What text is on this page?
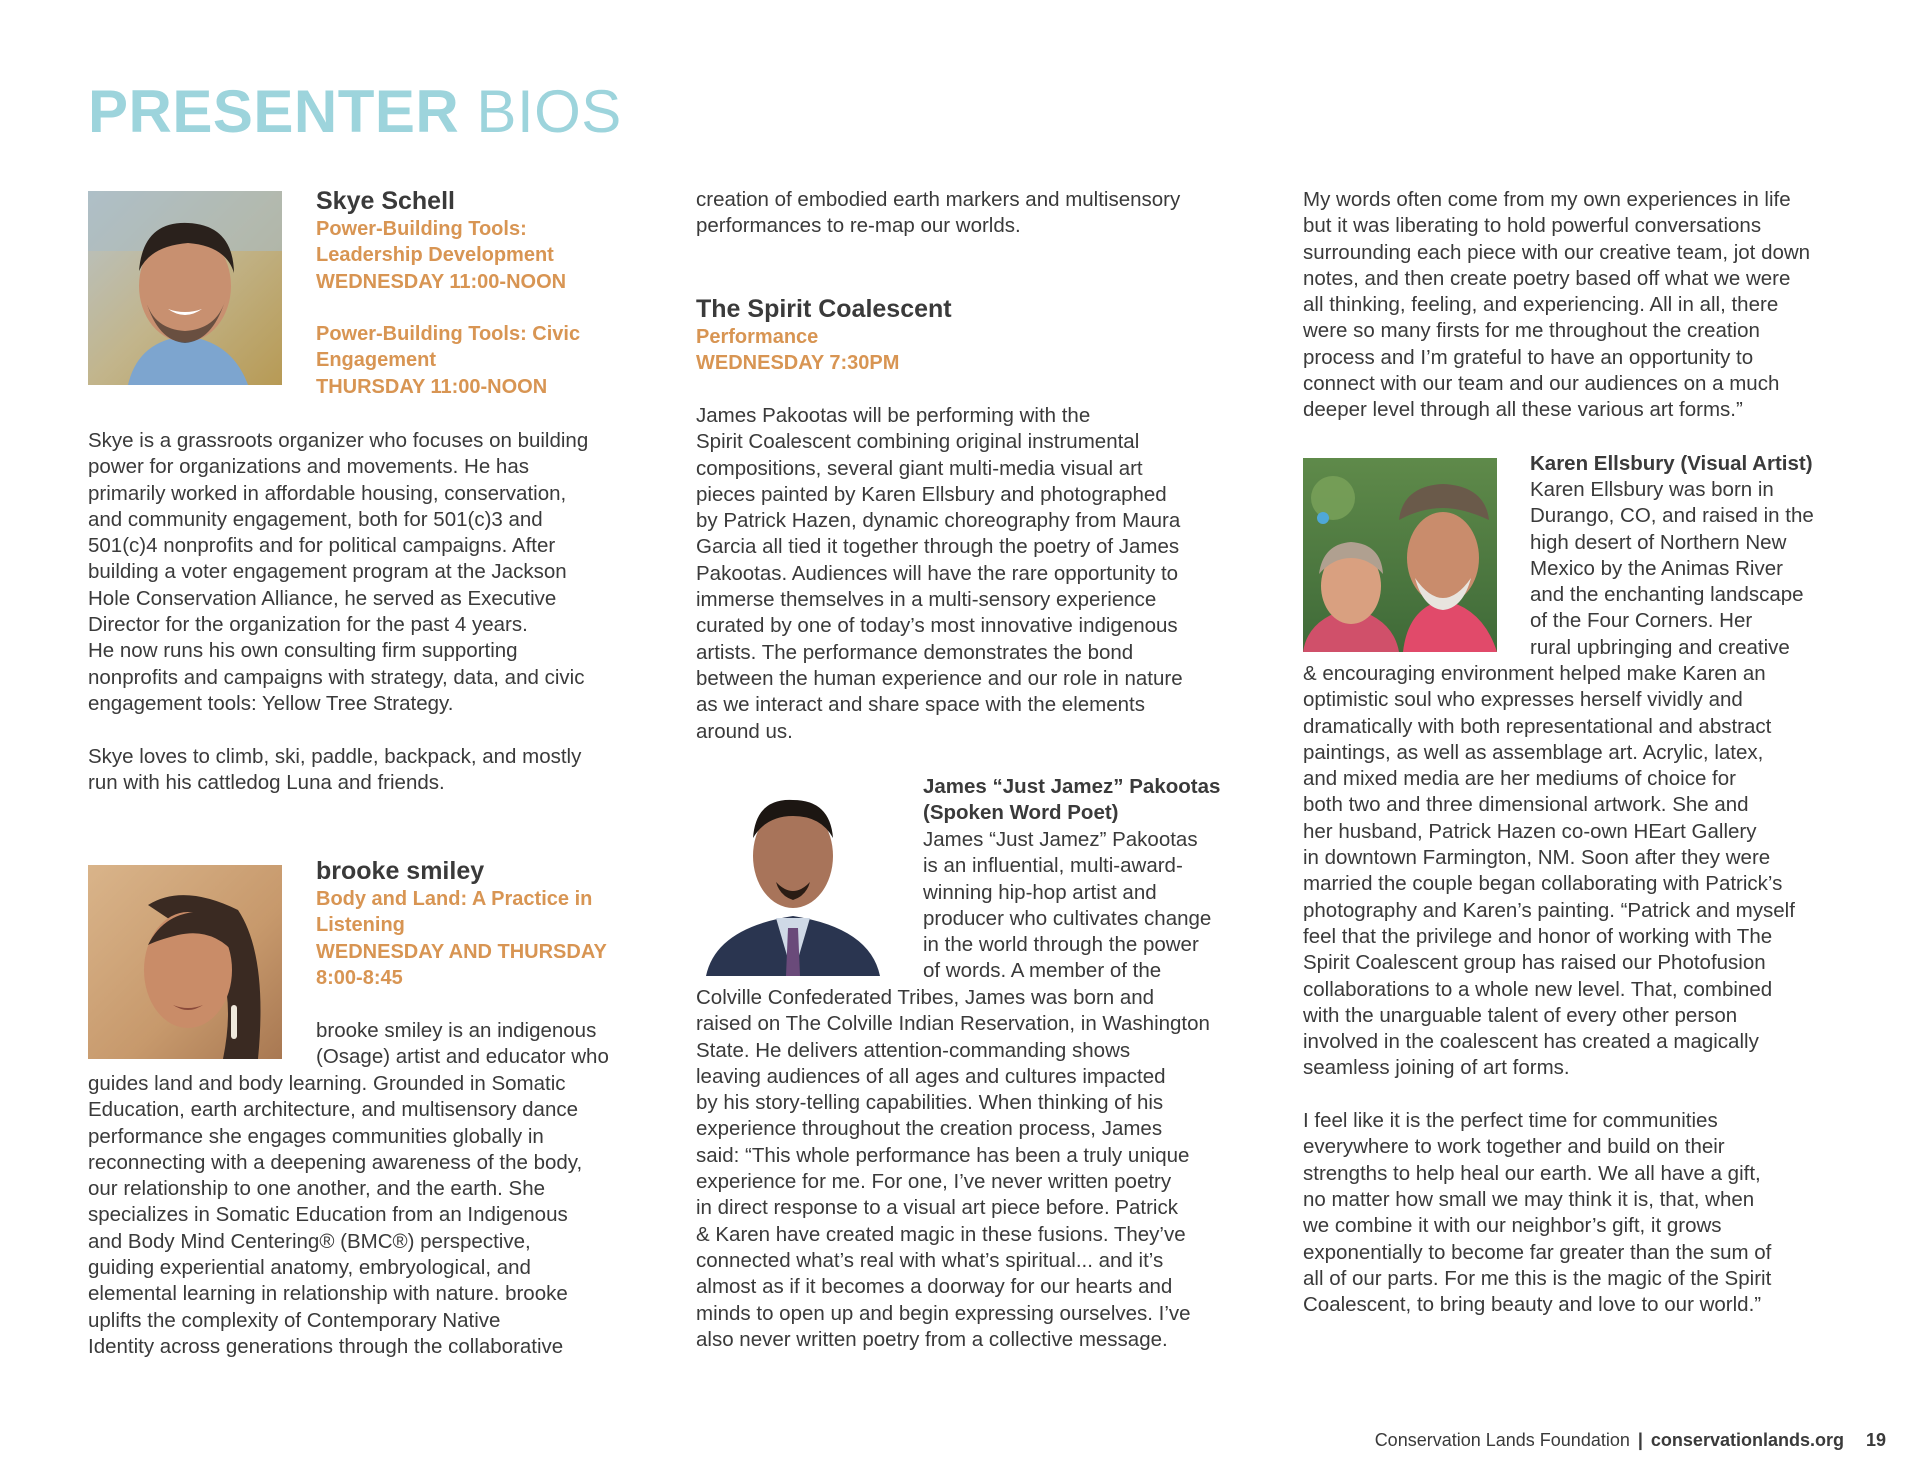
PRESENTER BIOS
Skye Schell
Power-Building Tools:
Leadership Development
WEDNESDAY 11:00-NOON
Power-Building Tools: Civic
Engagement
THURSDAY 11:00-NOON

Skye is a grassroots organizer who focuses on building

power for organizations and movements. He has

primarily worked in affordable housing, conservation,

and community engagement, both for 501(c)3 and

501(c)4 nonprofits and for political campaigns. After

building a voter engagement program at the Jackson

Hole Conservation Alliance, he served as Executive

Director for the organization for the past 4 years.

He now runs his own consulting firm supporting

nonprofits and campaigns with strategy, data, and civic

engagement tools: Yellow Tree Strategy.

Skye loves to climb, ski, paddle, backpack, and mostly

run with his cattledog Luna and friends.

brooke smiley
Body and Land: A Practice in
Listening
WEDNESDAY AND THURSDAY
8:00-8:45

brooke smiley is an indigenous

(Osage) artist and educator who

guides land and body learning. Grounded in Somatic

Education, earth architecture, and multisensory dance

performance she engages communities globally in

reconnecting with a deepening awareness of the body,

our relationship to one another, and the earth. She

specializes in Somatic Education from an Indigenous

and Body Mind Centering® (BMC®) perspective,

guiding experiential anatomy, embryological, and

elemental learning in relationship with nature. brooke

uplifts the complexity of Contemporary Native

Identity across generations through the collaborative

creation of embodied earth markers and multisensory

performances to re-map our worlds.

The Spirit Coalescent
Performance
WEDNESDAY 7:30PM

James Pakootas will be performing with the

Spirit Coalescent combining original instrumental

compositions, several giant multi-media visual art

pieces painted by Karen Ellsbury and photographed

by Patrick Hazen, dynamic choreography from Maura

Garcia all tied it together through the poetry of James

Pakootas. Audiences will have the rare opportunity to

immerse themselves in a multi-sensory experience

curated by one of today’s most innovative indigenous

artists. The performance demonstrates the bond

between the human experience and our role in nature

as we interact and share space with the elements

around us.

James “Just Jamez” Pakootas

(Spoken Word Poet)

James “Just Jamez” Pakootas

is an influential, multi-award-

winning hip-hop artist and

producer who cultivates change

in the world through the power

of words. A member of the

Colville Confederated Tribes, James was born and

raised on The Colville Indian Reservation, in Washington

State. He delivers attention-commanding shows

leaving audiences of all ages and cultures impacted

by his story-telling capabilities. When thinking of his

experience throughout the creation process, James

said: “This whole performance has been a truly unique

experience for me. For one, I’ve never written poetry

in direct response to a visual art piece before. Patrick

& Karen have created magic in these fusions. They’ve

connected what’s real with what’s spiritual... and it’s

almost as if it becomes a doorway for our hearts and

minds to open up and begin expressing ourselves. I’ve

also never written poetry from a collective message.

My words often come from my own experiences in life

but it was liberating to hold powerful conversations

surrounding each piece with our creative team, jot down

notes, and then create poetry based off what we were

all thinking, feeling, and experiencing. All in all, there

were so many firsts for me throughout the creation

process and I’m grateful to have an opportunity to

connect with our team and our audiences on a much

deeper level through all these various art forms.”

Karen Ellsbury (Visual Artist)

Karen Ellsbury was born in

Durango, CO, and raised in the

high desert of Northern New

Mexico by the Animas River

and the enchanting landscape

of the Four Corners. Her

rural upbringing and creative

& encouraging environment helped make Karen an

optimistic soul who expresses herself vividly and

dramatically with both representational and abstract

paintings, as well as assemblage art. Acrylic, latex,

and mixed media are her mediums of choice for

both two and three dimensional artwork. She and

her husband, Patrick Hazen co-own HEart Gallery

in downtown Farmington, NM. Soon after they were

married the couple began collaborating with Patrick’s

photography and Karen’s painting. “Patrick and myself

feel that the privilege and honor of working with The

Spirit Coalescent group has raised our Photofusion

collaborations to a whole new level. That, combined

with the unarguable talent of every other person

involved in the coalescent has created a magically

seamless joining of art forms.

I feel like it is the perfect time for communities

everywhere to work together and build on their

strengths to help heal our earth. We all have a gift,

no matter how small we may think it is, that, when

we combine it with our neighbor’s gift, it grows

exponentially to become far greater than the sum of

all of our parts. For me this is the magic of the Spirit

Coalescent, to bring beauty and love to our world.”

Conservation Lands Foundation | conservationlands.org 19
